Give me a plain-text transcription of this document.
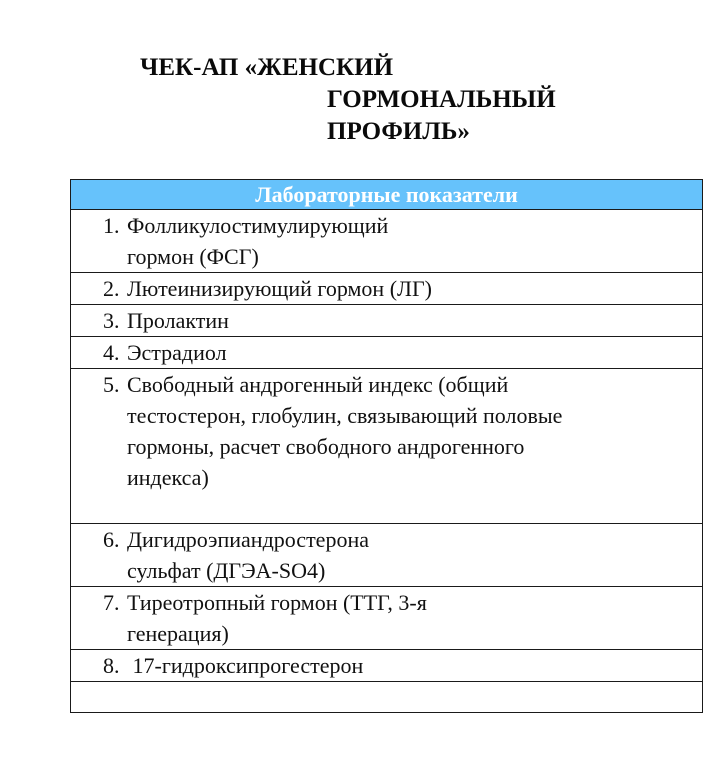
ЧЕК-АП «ЖЕНСКИЙ
ГОРМОНАЛЬНЫЙ
ПРОФИЛЬ»
Лабораторные показатели

1. Фолликулостимулирующий
гормон (ФСГ)

2. Лютеинизирующий гормон (ЛГ)

3. Пролактин

4. Эстрадиол

5. Свободный андрогенный индекс (общий
тестостерон, глобулин, связывающий половые
гормоны, расчет свободного андрогенного
индекса)

6. Дигидроэпиандростерона
сульфат (ДГЭА-SO4)

7. Тиреотропный гормон (ТТГ, 3-я
генерация)

8. 17-гидроксипрогестерон
